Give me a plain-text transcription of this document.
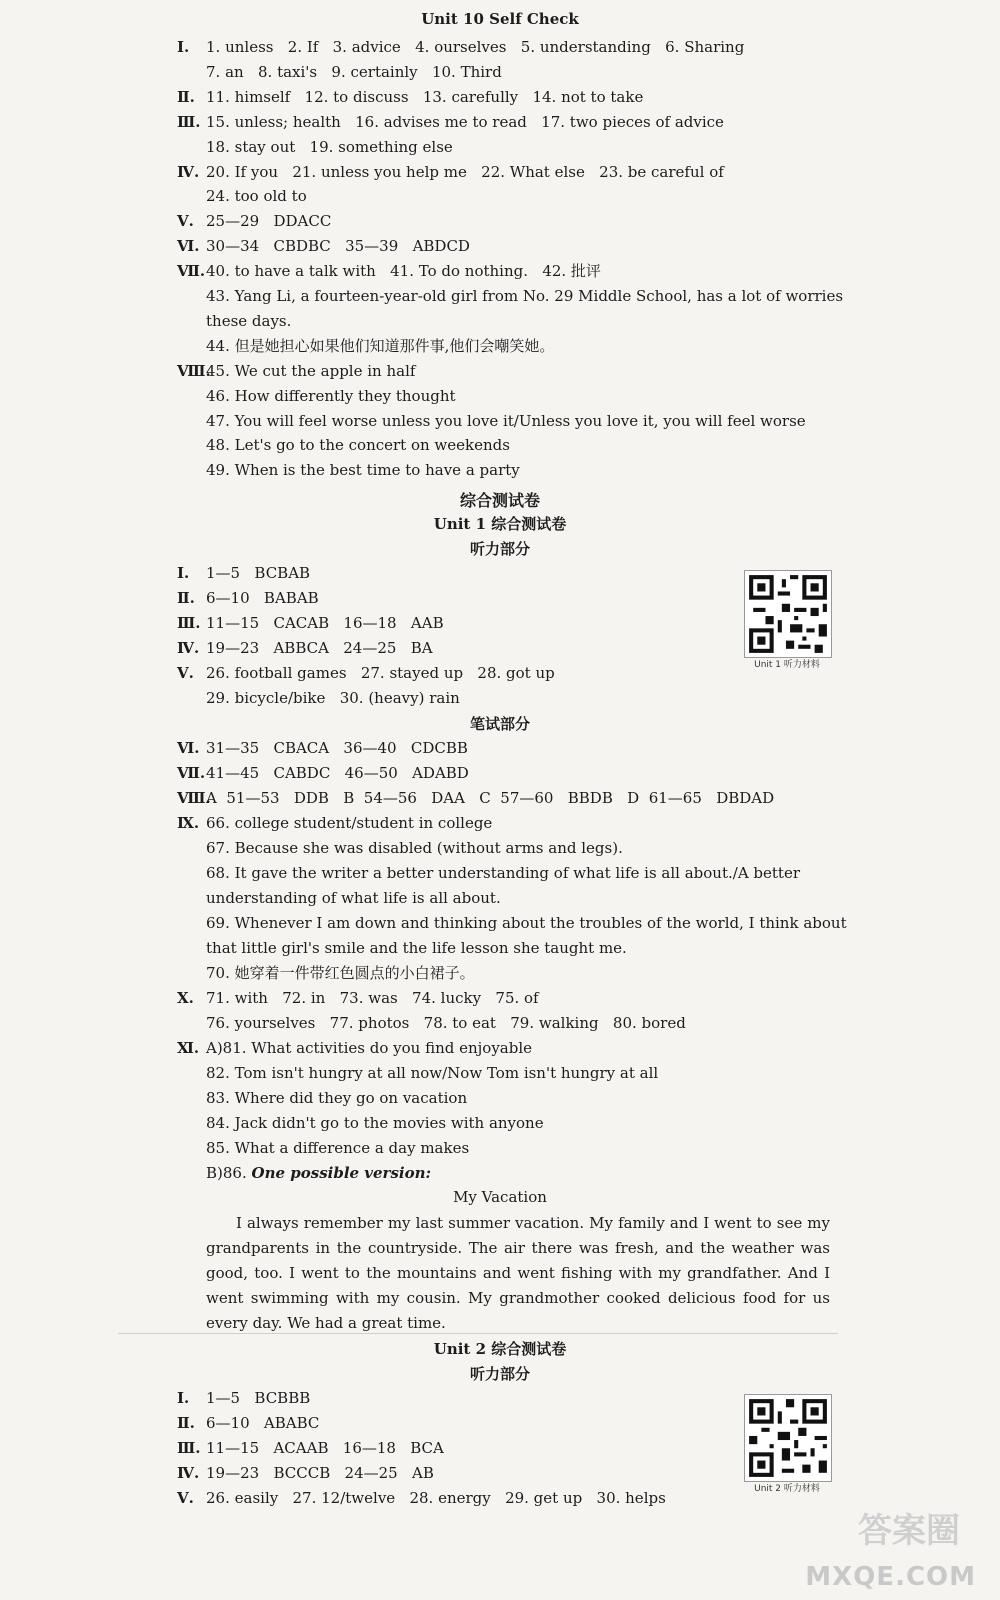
Unit 10 Self Check
Ⅰ.	1. unless   2. If   3. advice   4. ourselves   5. understanding   6. Sharing
7. an   8. taxi's   9. certainly   10. Third
Ⅱ. 11. himself   12. to discuss   13. carefully   14. not to take
Ⅲ. 15. unless; health   16. advises me to read   17. two pieces of advice
18. stay out   19. something else
Ⅳ. 20. If you   21. unless you help me   22. What else   23. be careful of
24. too old to
Ⅴ. 25—29   DDACC
Ⅵ. 30—34   CBDBC   35—39   ABDCD
Ⅶ. 40. to have a talk with   41. To do nothing.   42. 批评
43. Yang Li, a fourteen-year-old girl from No. 29 Middle School, has a lot of worries
these days.
44. 但是她担心如果他们知道那件事,他们会嘲笑她。
Ⅷ.
45. We cut the apple in half
46. How differently they thought
47. You will feel worse unless you love it/Unless you love it, you will feel worse
48. Let's go to the concert on weekends
49. When is the best time to have a party
综合测试卷
Unit 1 综合测试卷
听力部分
Ⅰ.	1—5   BCBAB
Ⅱ. 6—10   BABAB
Ⅲ. 11—15   CACAB   16—18   AAB
Ⅳ. 19—23   ABBCA   24—25   BA
Ⅴ. 26. football games   27. stayed up   28. got up
29. bicycle/bike   30. (heavy) rain
Unit 1 听力材料
笔试部分
Ⅵ. 31—35   CBACA   36—40   CDCBB
Ⅶ. 41—45   CABDC   46—50   ADABD
Ⅷ.
A  51—53   DDB   B  54—56   DAA   C  57—60   BBDB   D  61—65   DBDAD
Ⅸ. 66. college student/student in college
67. Because she was disabled (without arms and legs).
68. It gave the writer a better understanding of what life is all about./A better
understanding of what life is all about.
69. Whenever I am down and thinking about the troubles of the world, I think about
that little girl's smile and the life lesson she taught me.
70. 她穿着一件带红色圆点的小白裙子。
Ⅹ. 71. with   72. in   73. was   74. lucky   75. of
76. yourselves   77. photos   78. to eat   79. walking   80. bored
Ⅺ. A)81. What activities do you find enjoyable
82. Tom isn't hungry at all now/Now Tom isn't hungry at all
83. Where did they go on vacation
84. Jack didn't go to the movies with anyone
85. What a difference a day makes
B)86. One possible version:
My Vacation
I always remember my last summer vacation. My family and I went to see my grandparents in the countryside. The air there was fresh, and the weather was good, too. I went to the mountains and went fishing with my grandfather. And I went swimming with my cousin. My grandmother cooked delicious food for us every day. We had a great time.
Unit 2 综合测试卷
听力部分
Ⅰ.	1—5   BCBBB
Ⅱ. 6—10   ABABC
Ⅲ. 11—15   ACAAB   16—18   BCA
Ⅳ. 19—23   BCCCB   24—25   AB
Ⅴ. 26. easily   27. 12/twelve   28. energy   29. get up   30. helps	Unit 2 听力材料
答案圈
MXQE.COM
